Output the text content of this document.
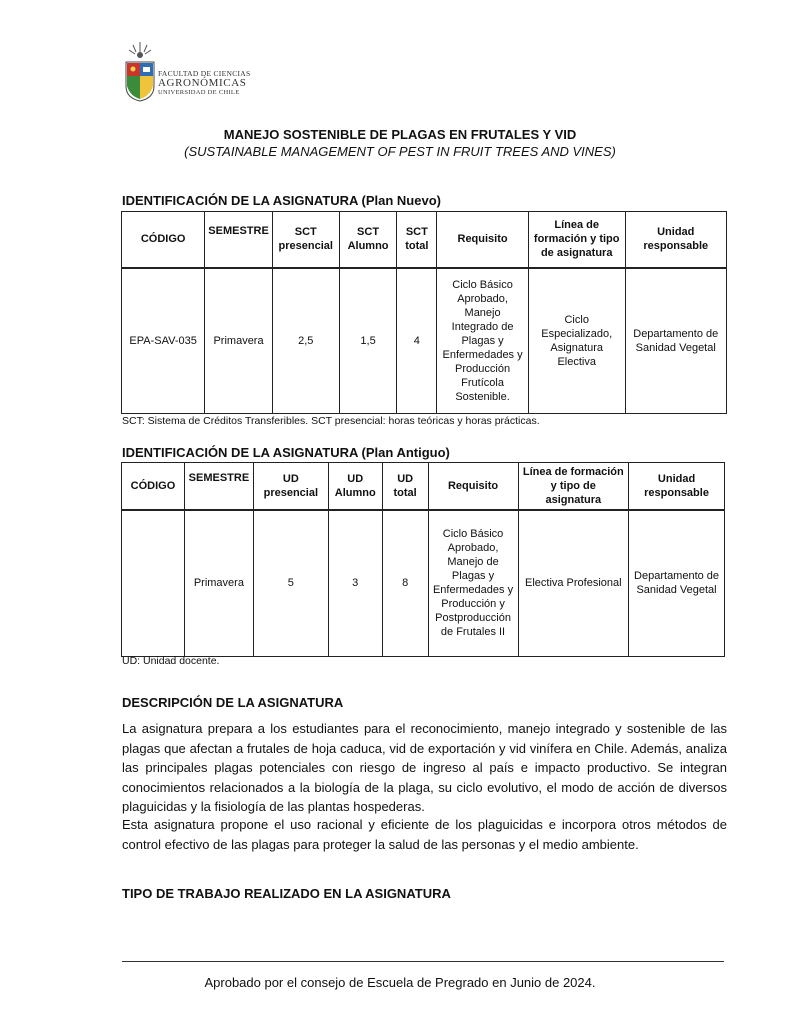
FACULTAD DE CIENCIAS
AGRONÓMICAS
UNIVERSIDAD DE CHILE
MANEJO SOSTENIBLE DE PLAGAS EN FRUTALES Y VID
(SUSTAINABLE MANAGEMENT OF PEST IN FRUIT TREES AND VINES)
IDENTIFICACIÓN DE LA ASIGNATURA (Plan Nuevo)
CÓDIGO	SEMESTRE	SCT presencial	SCT Alumno	SCT total	Requisito	Línea de formación y tipo de asignatura	Unidad responsable
EPA-SAV-035	Primavera	2,5	1,5	4	Ciclo Básico Aprobado, Manejo Integrado de Plagas y Enfermedades y Producción Frutícola Sostenible.	Ciclo Especializado, Asignatura Electiva	Departamento de Sanidad Vegetal
SCT: Sistema de Créditos Transferibles. SCT presencial: horas teóricas y horas prácticas.
IDENTIFICACIÓN DE LA ASIGNATURA (Plan Antiguo)
CÓDIGO	SEMESTRE	UD presencial	UD Alumno	UD total	Requisito	Línea de formación y tipo de asignatura	Unidad responsable
	Primavera	5	3	8	Ciclo Básico Aprobado, Manejo de Plagas y Enfermedades y Producción y Postproducción de Frutales II	Electiva Profesional	Departamento de Sanidad Vegetal
UD: Unidad docente.
DESCRIPCIÓN DE LA ASIGNATURA
La asignatura prepara a los estudiantes para el reconocimiento, manejo integrado y sostenible de las plagas que afectan a frutales de hoja caduca, vid de exportación y vid vinífera en Chile. Además, analiza las principales plagas potenciales con riesgo de ingreso al país e impacto productivo. Se integran conocimientos relacionados a la biología de la plaga, su ciclo evolutivo, el modo de acción de diversos plaguicidas y la fisiología de las plantas hospederas.
Esta asignatura propone el uso racional y eficiente de los plaguicidas e incorpora otros métodos de control efectivo de las plagas para proteger la salud de las personas y el medio ambiente.
TIPO DE TRABAJO REALIZADO EN LA ASIGNATURA
Aprobado por el consejo de Escuela de Pregrado en Junio de 2024.
